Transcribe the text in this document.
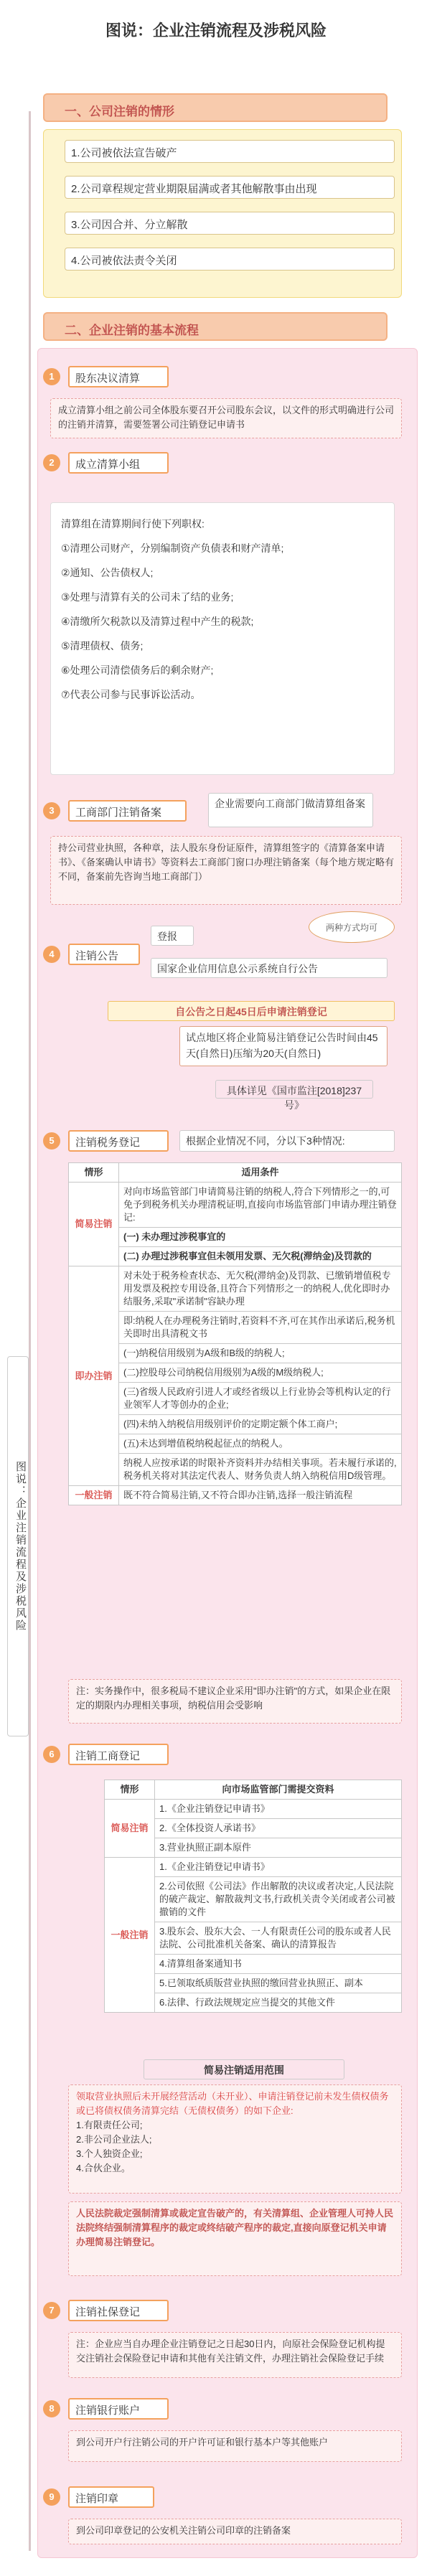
图说：企业注销流程及涉税风险
图说：企业注销流程及涉税风险
一、公司注销的情形
1.公司被依法宣告破产
2.公司章程规定营业期限届满或者其他解散事由出现
3.公司因合并、分立解散
4.公司被依法责令关闭
二、企业注销的基本流程
1	股东决议清算
成立清算小组之前公司全体股东要召开公司股东会议，以文件的形式明确进行公司的注销并清算，需要签署公司注销登记申请书
2	成立清算小组
清算组在清算期间行使下列职权:
①清理公司财产，分别编制资产负债表和财产清单;
②通知、公告债权人;
③处理与清算有关的公司未了结的业务;
④清缴所欠税款以及清算过程中产生的税款;
⑤清理债权、债务;
⑥处理公司清偿债务后的剩余财产;
⑦代表公司参与民事诉讼活动。
3	工商部门注销备案
企业需要向工商部门做清算组备案
持公司营业执照，各种章，法人股东身份证原件，清算组签字的《清算备案申请书》、《备案确认申请书》等资料去工商部门窗口办理注销备案（每个地方规定略有不同，备案前先咨询当地工商部门）
4	注销公告
登报
两种方式均可
国家企业信用信息公示系统自行公告
自公告之日起45日后申请注销登记
试点地区将企业简易注销登记公告时间由45天(自然日)压缩为20天(自然日)
具体详见《国市监注[2018]237号》
5	注销税务登记	根据企业情况不同，分以下3种情况:
情形	适用条件
简易注销	对向市场监管部门申请简易注销的纳税人,符合下列情形之一的,可免予到税务机关办理清税证明,直接向市场监管部门申请办理注销登记:
	(一) 未办理过涉税事宜的
	(二) 办理过涉税事宜但未领用发票、无欠税(滞纳金)及罚款的
即办注销	对未处于税务检查状态、无欠税(滞纳金)及罚款、已缴销增值税专用发票及税控专用设备,且符合下列情形之一的纳税人,优化即时办结服务,采取"承诺制"容缺办理
	即:纳税人在办理税务注销时,若资料不齐,可在其作出承诺后,税务机关即时出具清税文书
	(一)纳税信用级别为A级和B级的纳税人;
	(二)控股母公司纳税信用级别为A级的M级纳税人;
	(三)省级人民政府引进人才或经省级以上行业协会等机构认定的行业领军人才等创办的企业;
	(四)未纳入纳税信用级别评价的定期定额个体工商户;
	(五)未达到增值税纳税起征点的纳税人。
	纳税人应按承诺的时限补齐资料并办结相关事项。若未履行承诺的,税务机关将对其法定代表人、财务负责人纳入纳税信用D级管理。
一般注销	既不符合简易注销,又不符合即办注销,选择一般注销流程
注：实务操作中，很多税局不建议企业采用"即办注销"的方式，如果企业在限定的期限内办理相关事项，纳税信用会受影响
6	注销工商登记
情形	向市场监管部门需提交资料
简易注销	1.《企业注销登记申请书》
	2.《全体投资人承诺书》
	3.营业执照正副本原件
一般注销	1.《企业注销登记申请书》
	2.公司依照《公司法》作出解散的决议或者决定,人民法院的破产裁定、解散裁判文书,行政机关责令关闭或者公司被撤销的文件
	3.股东会、股东大会、一人有限责任公司的股东或者人民法院、公司批准机关备案、确认的清算报告
	4.清算组备案通知书
	5.已领取纸质版营业执照的缴回营业执照正、副本
	6.法律、行政法规规定应当提交的其他文件
简易注销适用范围
领取营业执照后未开展经营活动（未开业）、申请注销登记前未发生债权债务或已将债权债务清算完结（无债权债务）的如下企业:
1.有限责任公司;
2.非公司企业法人;
3.个人独资企业;
4.合伙企业。
人民法院裁定强制清算或裁定宣告破产的，有关清算组、企业管理人可持人民法院终结强制清算程序的裁定或终结破产程序的裁定,直接向原登记机关申请办理简易注销登记。
7	注销社保登记
注：企业应当自办理企业注销登记之日起30日内，向原社会保险登记机构提交注销社会保险登记申请和其他有关注销文件，办理注销社会保险登记手续
8	注销银行账户
到公司开户行注销公司的开户许可证和银行基本户等其他账户
9	注销印章
到公司印章登记的公安机关注销公司印章的注销备案
